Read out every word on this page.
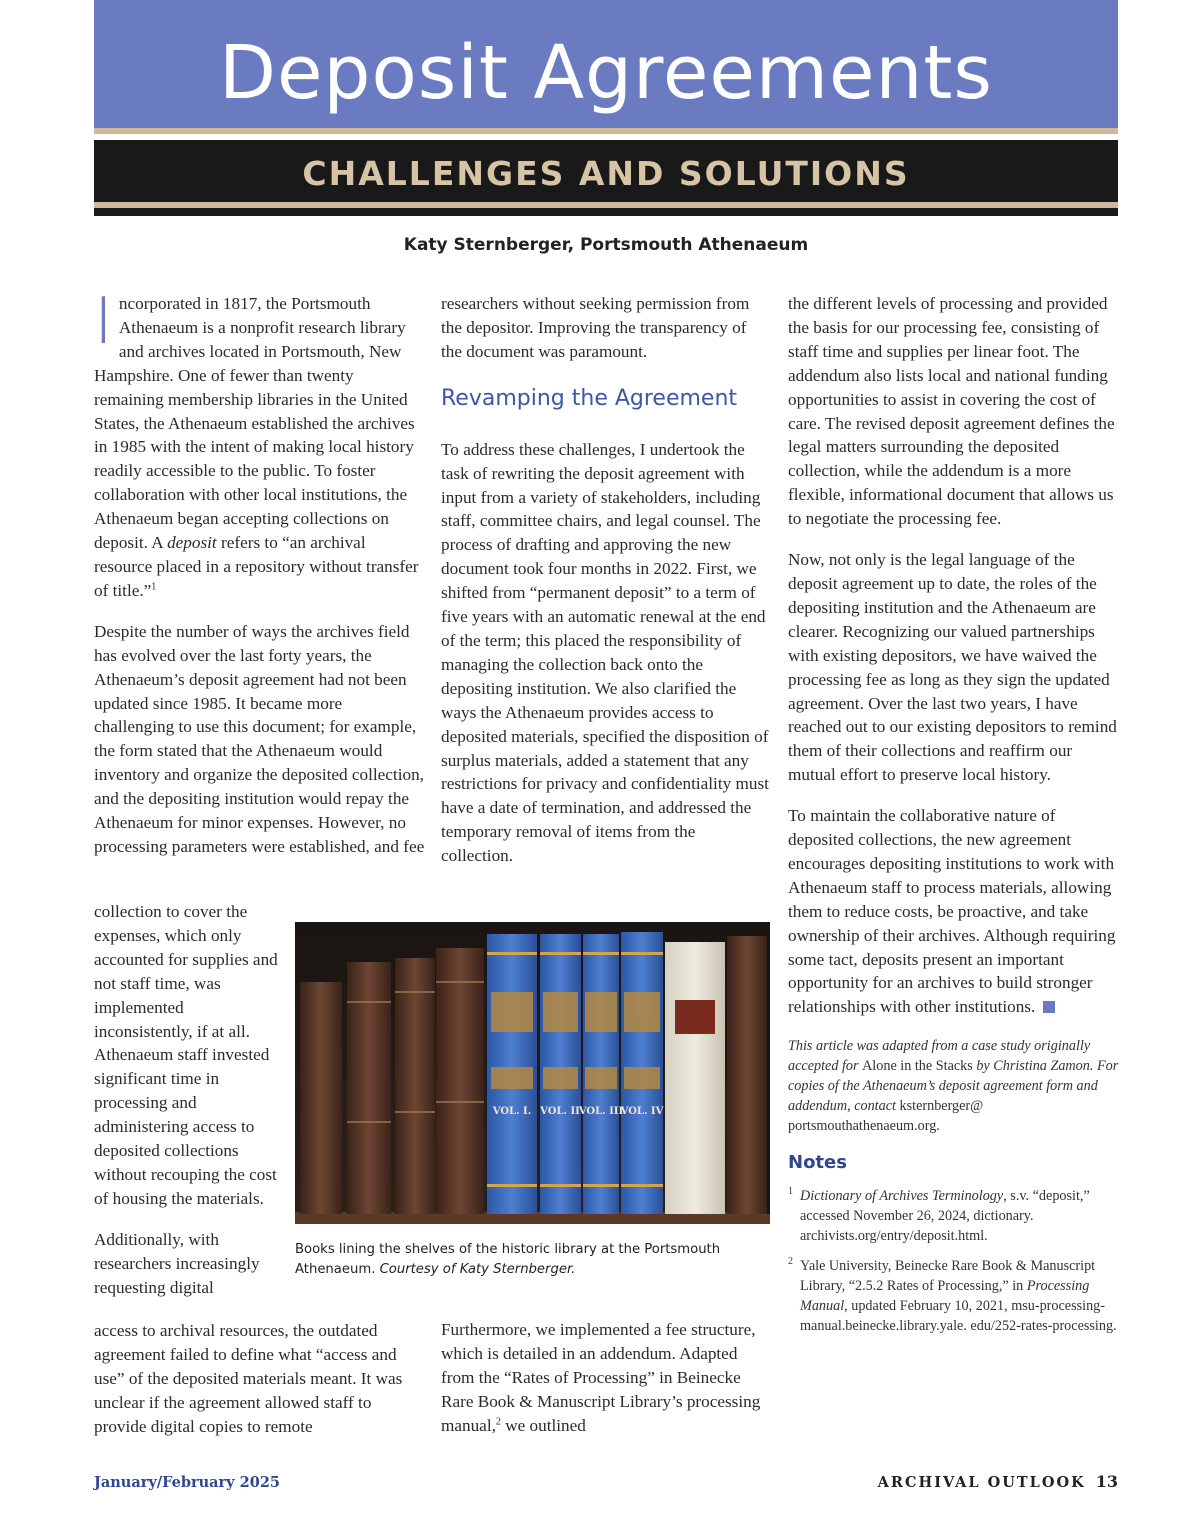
Deposit Agreements
CHALLENGES AND SOLUTIONS
Katy Sternberger, Portsmouth Athenaeum

Incorporated in 1817, the Portsmouth Athenaeum is a nonprofit research library and archives located in Portsmouth, New Hampshire. One of fewer than twenty remaining membership libraries in the United States, the Athenaeum established the archives in 1985 with the intent of making local history readily accessible to the public. To foster collaboration with other local institutions, the Athenaeum began accepting collections on deposit. A deposit refers to “an archival resource placed in a repository without transfer of title.”$^1$

Despite the number of ways the archives field has evolved over the last forty years, the Athenaeum’s deposit agreement had not been updated since 1985. It became more challenging to use this document; for example, the form stated that the Athenaeum would inventory and organize the deposited collection, and the depositing institution would repay the Athenaeum for minor expenses. However, no processing parameters were established, and fee

collection to cover the expenses, which only accounted for supplies and not staff time, was implemented inconsistently, if at all. Athenaeum staff invested significant time in processing and administering access to deposited collections without recouping the cost of housing the materials.

Additionally, with researchers increasingly requesting digital

access to archival resources, the outdated agreement failed to define what “access and use” of the deposited materials meant. It was unclear if the agreement allowed staff to provide digital copies to remote

researchers without seeking permission from the depositor. Improving the transparency of the document was paramount.

Revamping the Agreement

To address these challenges, I undertook the task of rewriting the deposit agreement with input from a variety of stakeholders, including staff, committee chairs, and legal counsel. The process of drafting and approving the new document took four months in 2022. First, we shifted from “permanent deposit” to a term of five years with an automatic renewal at the end of the term; this placed the responsibility of managing the collection back onto the depositing institution. We also clarified the ways the Athenaeum provides access to deposited materials, specified the disposition of surplus materials, added a statement that any restrictions for privacy and confidentiality must have a date of termination, and addressed the temporary removal of items from the collection.

Furthermore, we implemented a fee structure, which is detailed in an addendum. Adapted from the “Rates of Processing” in Beinecke Rare Book & Manuscript Library’s processing manual,$^2$ we outlined

the different levels of processing and provided the basis for our processing fee, consisting of staff time and supplies per linear foot. The addendum also lists local and national funding opportunities to assist in covering the cost of care. The revised deposit agreement defines the legal matters surrounding the deposited collection, while the addendum is a more flexible, informational document that allows us to negotiate the processing fee.

Now, not only is the legal language of the deposit agreement up to date, the roles of the depositing institution and the Athenaeum are clearer. Recognizing our valued partnerships with existing depositors, we have waived the processing fee as long as they sign the updated agreement. Over the last two years, I have reached out to our existing depositors to remind them of their collections and reaffirm our mutual effort to preserve local history.

To maintain the collaborative nature of deposited collections, the new agreement encourages depositing institutions to work with Athenaeum staff to process materials, allowing them to reduce costs, be proactive, and take ownership of their archives. Although requiring some tact, deposits present an important opportunity for an archives to build stronger relationships with other institutions.

This article was adapted from a case study originally accepted for Alone in the Stacks by Christina Zamon. For copies of the Athenaeum’s deposit agreement form and addendum, contact ksternberger@ portsmouthathenaeum.org.
Notes
1 Dictionary of Archives Terminology, s.v. “deposit,” accessed November 26, 2024, dictionary. archivists.org/entry/deposit.html.
2 Yale University, Beinecke Rare Book & Manuscript Library, “2.5.2 Rates of Processing,” in Processing Manual, updated February 10, 2021, msu-processing-manual.beinecke.library.yale. edu/252-rates-processing.
VOL. I. VOL. II VOL. III
VOL. IV
Books lining the shelves of the historic library at the Portsmouth Athenaeum. Courtesy of Katy Sternberger.
January/February 2025	ARCHIVAL OUTLOOK 13
